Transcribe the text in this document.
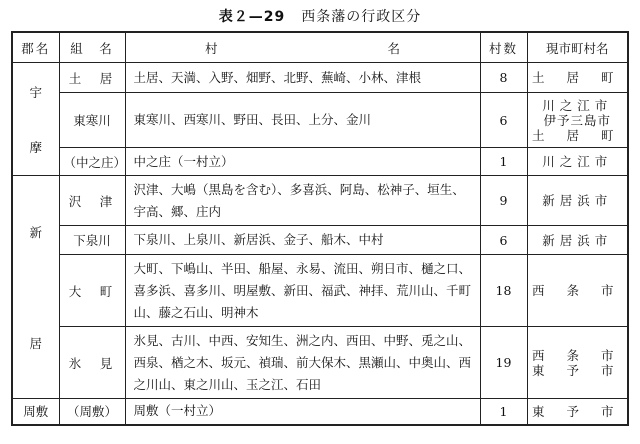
表２—29 西条藩の行政区分
郡名	組　名	村 名	村数	現市町村名

宇
摩	土　居	土居、天満、入野、畑野、北野、蕪崎、小林、津根	8	土 居 町

	東寒川	東寒川、西寒川、野田、長田、上分、金川	6	川之江市
伊予三島市
土 居 町

	（中之庄）	中之庄（一村立）	1	川之江市

新
居	沢　津	沢津、大嶋（黒島を含む）、多喜浜、阿島、松神子、垣生、宇高、郷、庄内	9	新居浜市

	下泉川	下泉川、上泉川、新居浜、金子、船木、中村	6	新居浜市

	大　町	大町、下嶋山、半田、船屋、永易、流田、朔日市、樋之口、喜多浜、喜多川、明屋敷、新田、福武、神拝、荒川山、千町山、藤之石山、明神木	18	西 条 市

	氷　見	氷見、古川、中西、安知生、洲之内、西田、中野、兎之山、西泉、楢之木、坂元、禎瑞、前大保木、黒瀬山、中奥山、西之川山、東之川山、玉之江、石田	19	西 条 市
東 予 市

周敷	（周敷）	周敷（一村立）	1	東 予 市
